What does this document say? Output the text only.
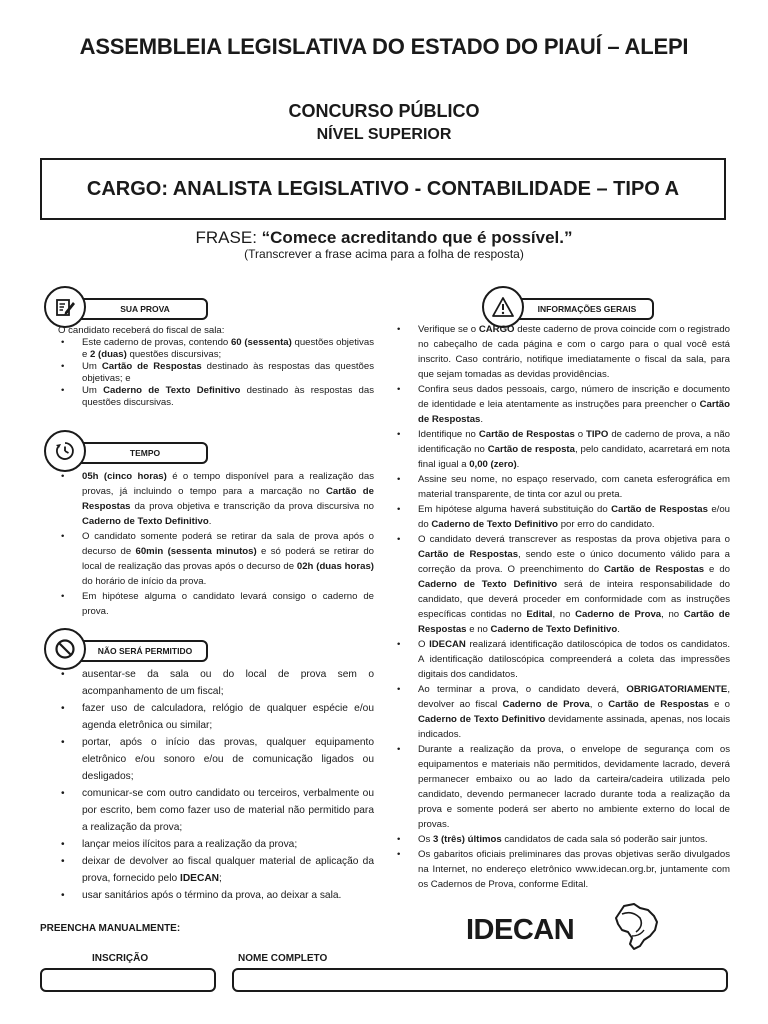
ASSEMBLEIA LEGISLATIVA DO ESTADO DO PIAUÍ – ALEPI
CONCURSO PÚBLICO
NÍVEL SUPERIOR
CARGO: ANALISTA LEGISLATIVO - CONTABILIDADE – TIPO A
FRASE: “Comece acreditando que é possível.”
(Transcrever a frase acima para a folha de resposta)
SUA PROVA

O candidato receberá do fiscal de sala:

• Este caderno de provas, contendo 60 (sessenta) questões objetivas e 2 (duas) questões discursivas;
• Um Cartão de Respostas destinado às respostas das questões objetivas; e
• Um Caderno de Texto Definitivo destinado às respostas das questões discursivas.
TEMPO
• 05h (cinco horas) é o tempo disponível para a realização das provas, já incluindo o tempo para a marcação no Cartão de Respostas da prova objetiva e transcrição da prova discursiva no Caderno de Texto Definitivo.
• O candidato somente poderá se retirar da sala de prova após o decurso de 60min (sessenta minutos) e só poderá se retirar do local de realização das provas após o decurso de 02h (duas horas) do horário de início da prova.
• Em hipótese alguma o candidato levará consigo o caderno de prova.
NÃO SERÁ PERMITIDO
• ausentar-se da sala ou do local de prova sem o acompanhamento de um fiscal;
• fazer uso de calculadora, relógio de qualquer espécie e/ou agenda eletrônica ou similar;
• portar, após o início das provas, qualquer equipamento eletrônico e/ou sonoro e/ou de comunicação ligados ou desligados;
• comunicar-se com outro candidato ou terceiros, verbalmente ou por escrito, bem como fazer uso de material não permitido para a realização da prova;
• lançar meios ilícitos para a realização da prova;
• deixar de devolver ao fiscal qualquer material de aplicação da prova, fornecido pelo IDECAN;
• usar sanitários após o término da prova, ao deixar a sala.
INFORMAÇÕES GERAIS
• Verifique se o CARGO deste caderno de prova coincide com o registrado no cabeçalho de cada página e com o cargo para o qual você está inscrito. Caso contrário, notifique imediatamente o fiscal da sala, para que sejam tomadas as devidas providências.
• Confira seus dados pessoais, cargo, número de inscrição e documento de identidade e leia atentamente as instruções para preencher o Cartão de Respostas.
• Identifique no Cartão de Respostas o TIPO de caderno de prova, a não identificação no Cartão de resposta, pelo candidato, acarretará em nota final igual a 0,00 (zero).
• Assine seu nome, no espaço reservado, com caneta esferográfica em material transparente, de tinta cor azul ou preta.
• Em hipótese alguma haverá substituição do Cartão de Respostas e/ou do Caderno de Texto Definitivo por erro do candidato.
• O candidato deverá transcrever as respostas da prova objetiva para o Cartão de Respostas, sendo este o único documento válido para a correção da prova. O preenchimento do Cartão de Respostas e do Caderno de Texto Definitivo será de inteira responsabilidade do candidato, que deverá proceder em conformidade com as instruções específicas contidas no Edital, no Caderno de Prova, no Cartão de Respostas e no Caderno de Texto Definitivo.
• O IDECAN realizará identificação datiloscópica de todos os candidatos. A identificação datiloscópica compreenderá a coleta das impressões digitais dos candidatos.
• Ao terminar a prova, o candidato deverá, OBRIGATORIAMENTE, devolver ao fiscal Caderno de Prova, o Cartão de Respostas e o Caderno de Texto Definitivo devidamente assinada, apenas, nos locais indicados.
• Durante a realização da prova, o envelope de segurança com os equipamentos e materiais não permitidos, devidamente lacrado, deverá permanecer embaixo ou ao lado da carteira/cadeira utilizada pelo candidato, devendo permanecer lacrado durante toda a realização da prova e somente poderá ser aberto no ambiente externo do local de provas.
• Os 3 (três) últimos candidatos de cada sala só poderão sair juntos.
• Os gabaritos oficiais preliminares das provas objetivas serão divulgados na Internet, no endereço eletrônico www.idecan.org.br, juntamente com os Cadernos de Prova, conforme Edital.
PREENCHA MANUALMENTE:
INSCRIÇÃO	NOME COMPLETO
IDECAN
